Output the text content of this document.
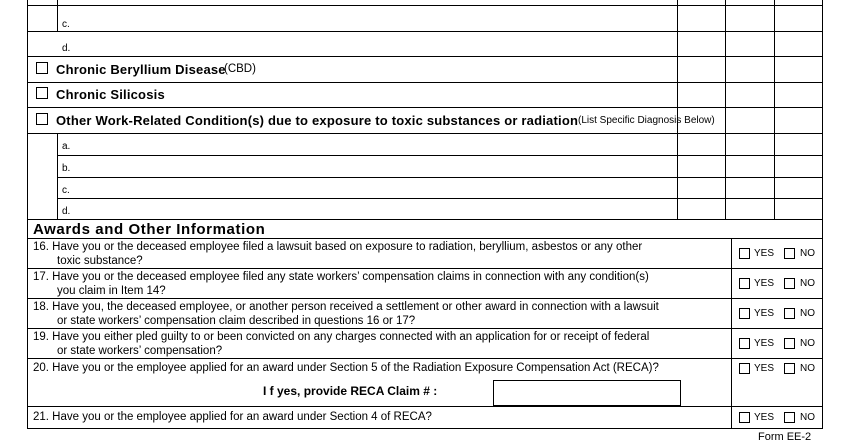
c.
d.
Chronic Beryllium Disease
(CBD)
Chronic Silicosis
Other Work-Related Condition(s) due to exposure to toxic substances or radiation (List Specific Diagnosis Below)
a.
b.
c.
d.
Awards and Other Information
16. Have you or the deceased employee filed a lawsuit based on exposure to radiation, beryllium, asbestos or any other
toxic substance?
YES	NO
17. Have you or the deceased employee filed any state workers’ compensation claims in connection with any condition(s)
you claim in Item 14?
YES	NO
18. Have you, the deceased employee, or another person received a settlement or other award in connection with a lawsuit
or state workers’ compensation claim described in questions 16 or 17?
YES	NO
19. Have you either pled guilty to or been convicted on any charges connected with an application for or receipt of federal
or state workers’ compensation?
YES	NO
20. Have you or the employee applied for an award under Section 5 of the Radiation Exposure Compensation Act (RECA)?	YES	NO
I f yes, provide RECA Claim # :
21. Have you or the employee applied for an award under Section 4 of RECA?	YES	NO
Form EE-2
